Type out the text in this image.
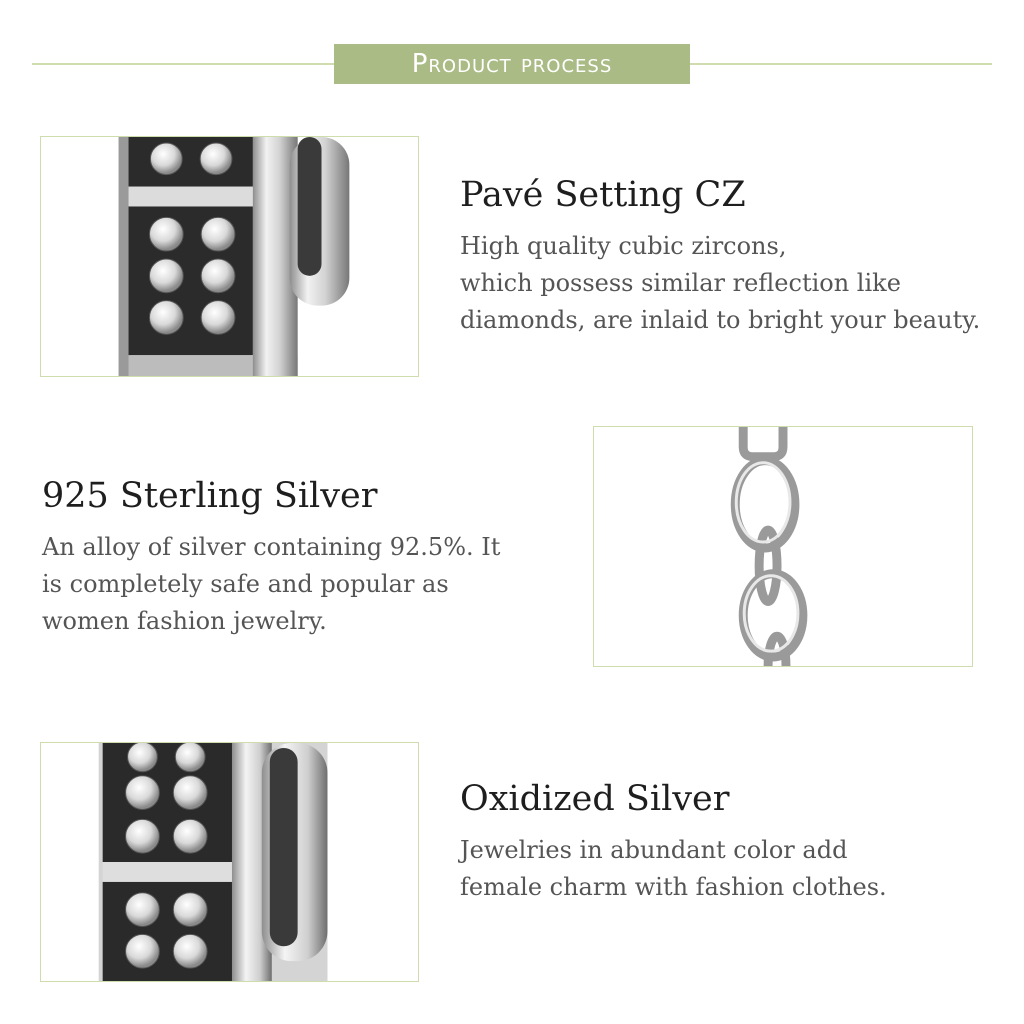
Product process
Pavé Setting CZ

High quality cubic zircons,
which possess similar reflection like
diamonds, are inlaid to bright your beauty.

925 Sterling Silver

An alloy of silver containing 92.5%. It
is completely safe and popular as
women fashion jewelry.

Oxidized Silver

Jewelries in abundant color add
female charm with fashion clothes.
